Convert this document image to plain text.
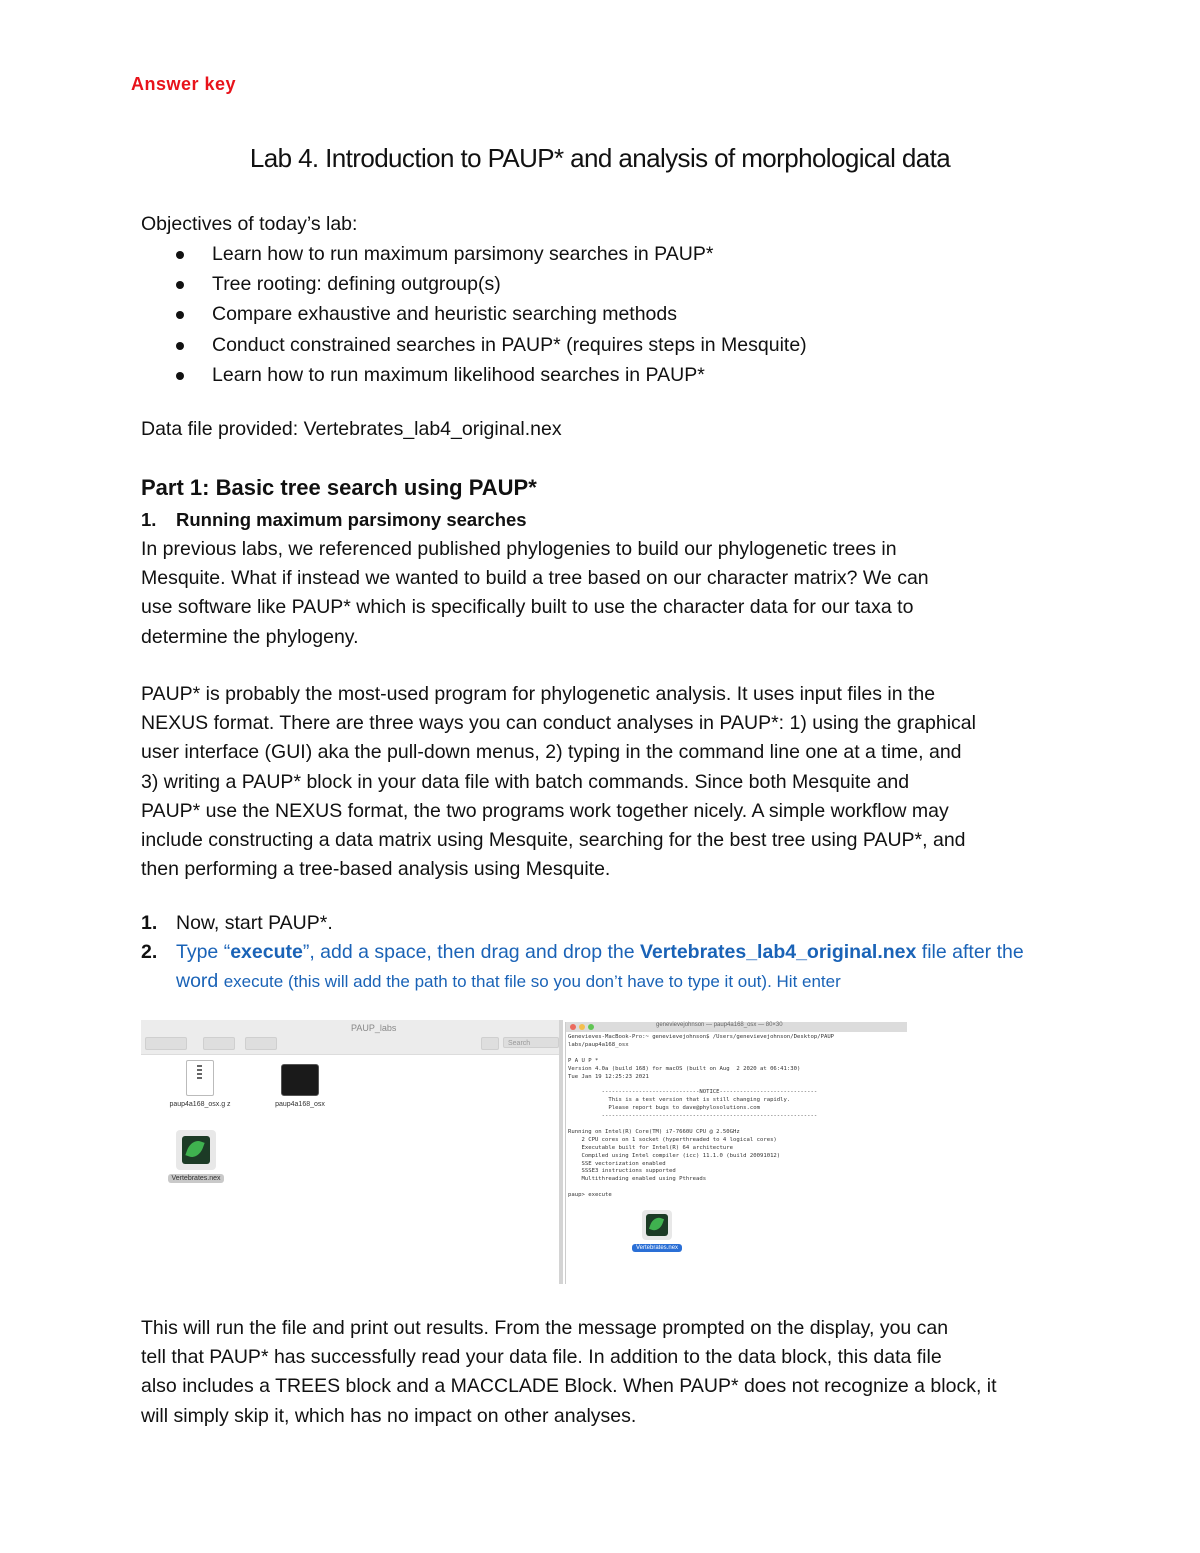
Answer key
Lab 4. Introduction to PAUP* and analysis of morphological data
Objectives of today’s lab:
Learn how to run maximum parsimony searches in PAUP*
Tree rooting: defining outgroup(s)
Compare exhaustive and heuristic searching methods
Conduct constrained searches in PAUP* (requires steps in Mesquite)
Learn how to run maximum likelihood searches in PAUP*
Data file provided: Vertebrates_lab4_original.nex
Part 1: Basic tree search using PAUP*
1. Running maximum parsimony searches
In previous labs, we referenced published phylogenies to build our phylogenetic trees in
Mesquite. What if instead we wanted to build a tree based on our character matrix? We can
use software like PAUP* which is specifically built to use the character data for our taxa to
determine the phylogeny.
PAUP* is probably the most-used program for phylogenetic analysis. It uses input files in the
NEXUS format. There are three ways you can conduct analyses in PAUP*: 1) using the graphical
user interface (GUI) aka the pull-down menus, 2) typing in the command line one at a time, and
3) writing a PAUP* block in your data file with batch commands. Since both Mesquite and
PAUP* use the NEXUS format, the two programs work together nicely. A simple workflow may
include constructing a data matrix using Mesquite, searching for the best tree using PAUP*, and
then performing a tree-based analysis using Mesquite.
1. Now, start PAUP*.
2. Type “execute”, add a space, then drag and drop the Vertebrates_lab4_original.nex file after the
word execute (this will add the path to that file so you don’t have to type it out). Hit enter
PAUP_labs
Search
paup4a168_osx.g z	paup4a168_osx
Vertebrates.nex
genevievejohnson — paup4a168_osx — 80×30
Genevieves-MacBook-Pro:~ genevievejohnson$ /Users/genevievejohnson/Desktop/PAUP
labs/paup4a168_osx

P A U P *
Version 4.0a (build 168) for macOS (built on Aug  2 2020 at 06:41:30)
Tue Jan 19 12:25:23 2021

-----------------------------NOTICE-----------------------------
This is a test version that is still changing rapidly.
Please report bugs to dave@phylosolutions.com
----------------------------------------------------------------

Running on Intel(R) Core(TM) i7-7660U CPU @ 2.50GHz
2 CPU cores on 1 socket (hyperthreaded to 4 logical cores)
Executable built for Intel(R) 64 architecture
Compiled using Intel compiler (icc) 11.1.0 (build 20091012)
SSE vectorization enabled
SSSE3 instructions supported
Multithreading enabled using Pthreads

paup> execute
Vertebrates.nex
This will run the file and print out results. From the message prompted on the display, you can
tell that PAUP* has successfully read your data file. In addition to the data block, this data file
also includes a TREES block and a MACCLADE Block. When PAUP* does not recognize a block, it
will simply skip it, which has no impact on other analyses.
